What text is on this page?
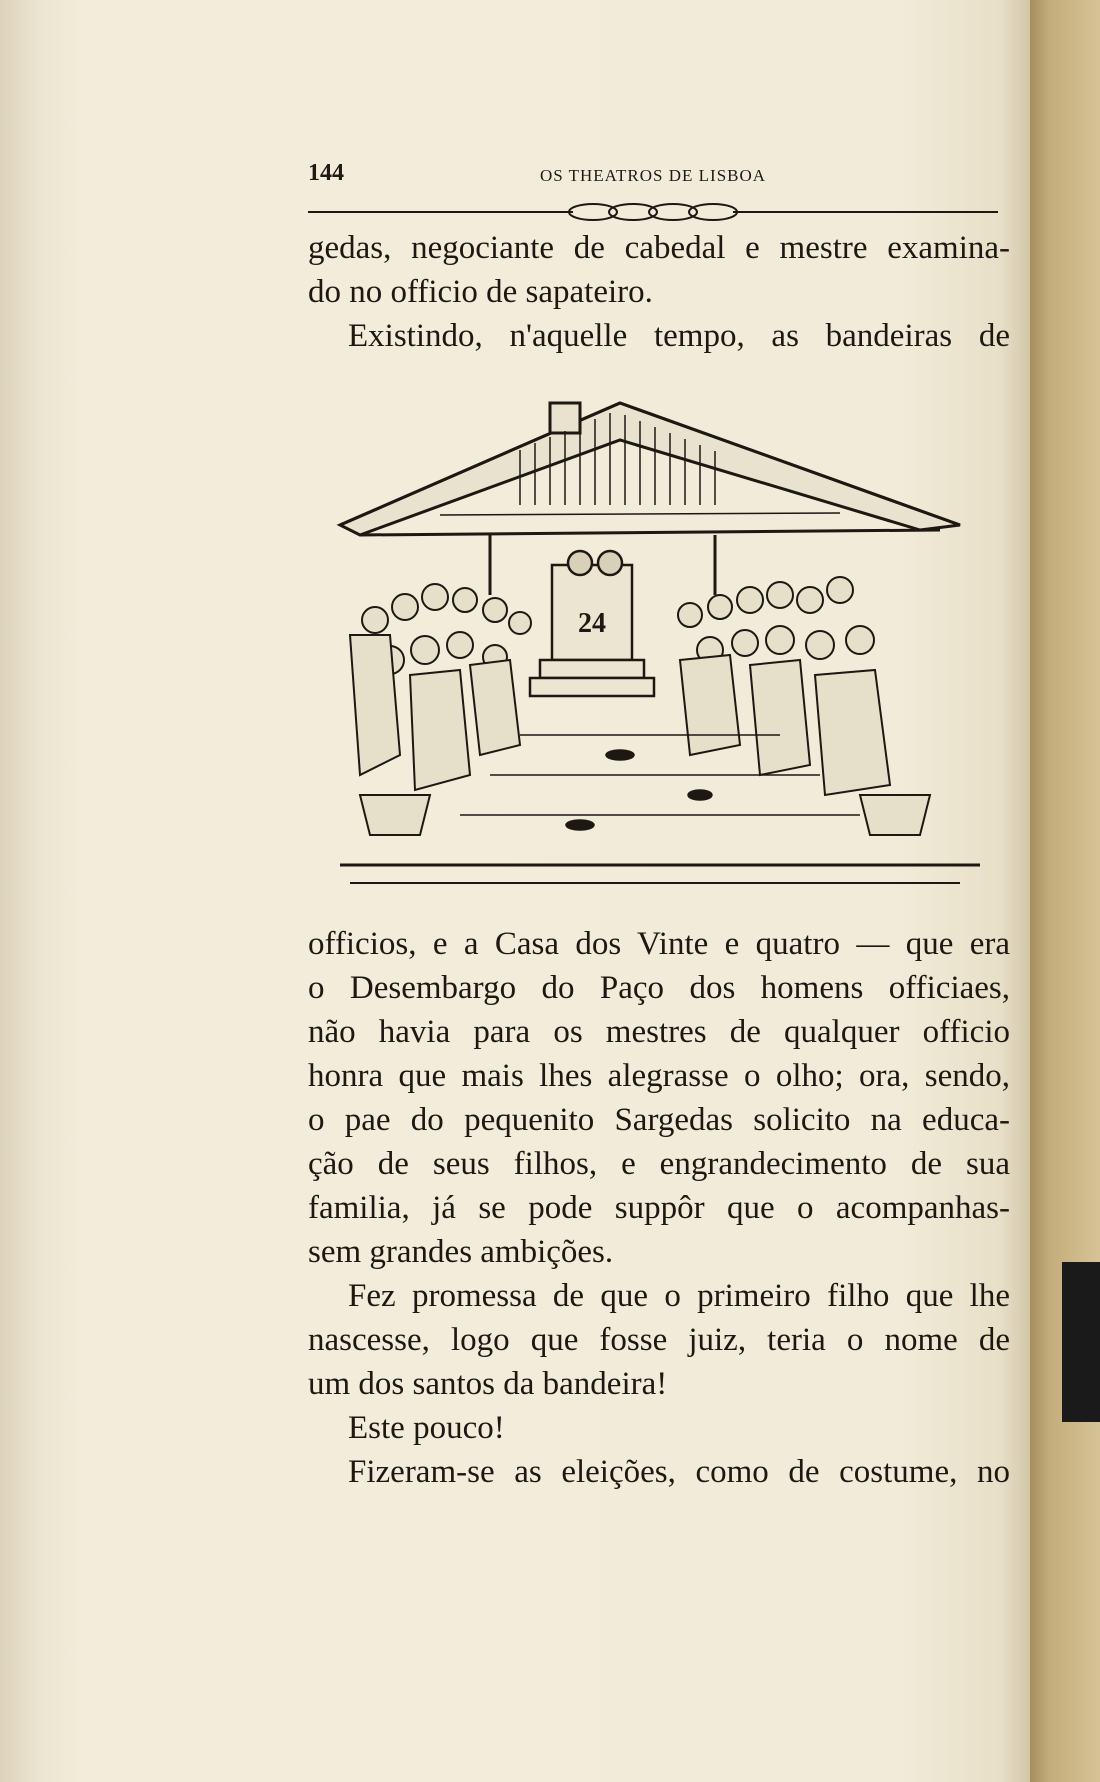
144	OS THEATROS DE LISBOA
gedas, negociante de cabedal e mestre examina-
do no officio de sapateiro.
Existindo, n'aquelle tempo, as bandeiras de
24
officios, e a Casa dos Vinte e quatro — que era
o Desembargo do Paço dos homens officiaes,
não havia para os mestres de qualquer officio
honra que mais lhes alegrasse o olho; ora, sendo,
o pae do pequenito Sargedas solicito na educa-
ção de seus filhos, e engrandecimento de sua
familia, já se pode suppôr que o acompanhas-
sem grandes ambições.
Fez promessa de que o primeiro filho que lhe
nascesse, logo que fosse juiz, teria o nome de
um dos santos da bandeira!
Este pouco!
Fizeram-se as eleições, como de costume, no
